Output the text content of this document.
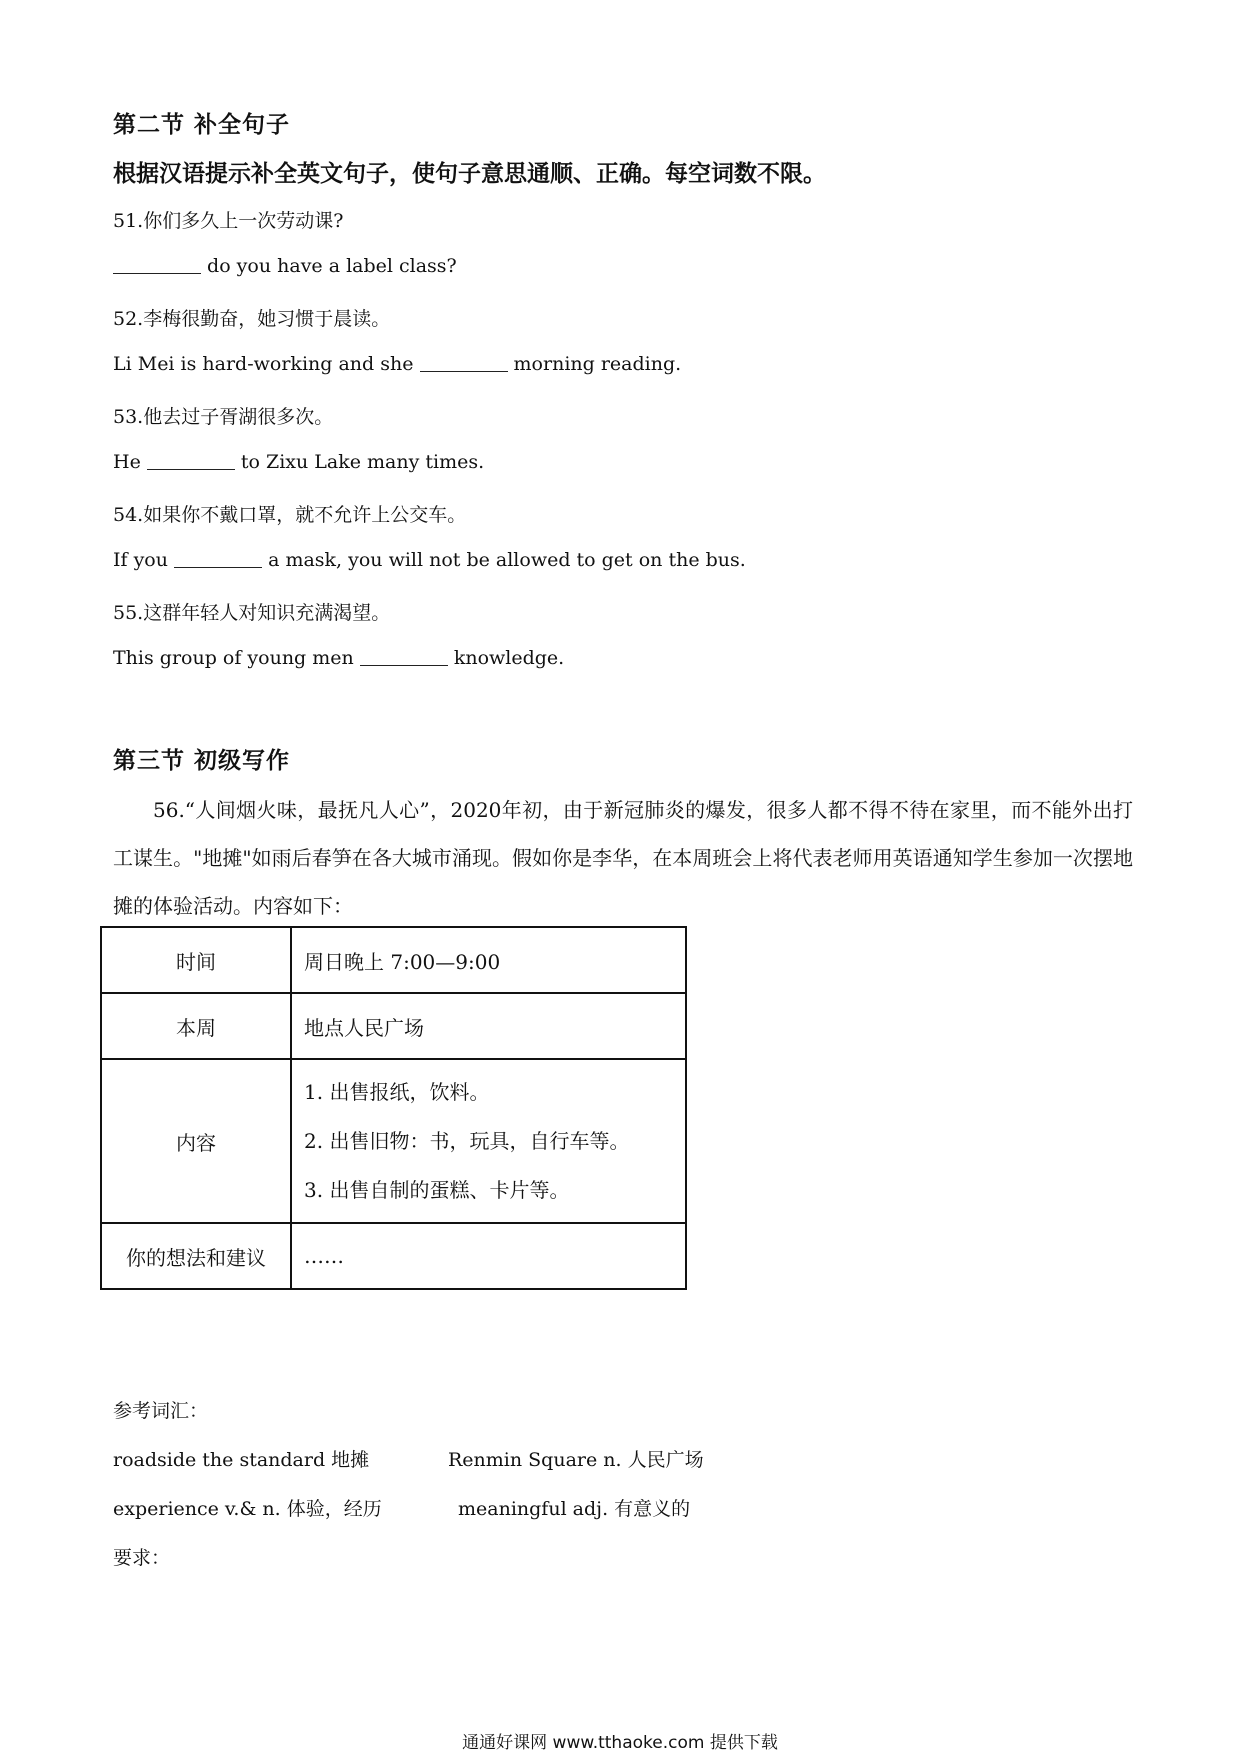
第二节 补全句子
根据汉语提示补全英文句子，使句子意思通顺、正确。每空词数不限。
51.你们多久上一次劳动课?
do you have a label class?
52.李梅很勤奋，她习惯于晨读。
Li Mei is hard-working and she	morning reading.
53.他去过子胥湖很多次。
He	to Zixu Lake many times.
54.如果你不戴口罩，就不允许上公交车。
If you	a mask, you will not be allowed to get on the bus.
55.这群年轻人对知识充满渴望。
This group of young men	knowledge.
第三节 初级写作
56.“人间烟火味，最抚凡人心”，2020年初，由于新冠肺炎的爆发，很多人都不得不待在家里，而不能外出打工谋生。"地摊"如雨后春笋在各大城市涌现。假如你是李华，在本周班会上将代表老师用英语通知学生参加一次摆地摊的体验活动。内容如下：
时间	周日晚上 7:00—9:00
本周	地点人民广场
内容	1. 出售报纸，饮料。
2. 出售旧物：书，玩具，自行车等。
3. 出售自制的蛋糕、卡片等。

你的想法和建议	……
参考词汇：
roadside the standard 地摊	Renmin Square n. 人民广场
experience v.& n. 体验，经历	meaningful adj. 有意义的
要求：
通通好课网 www.tthaoke.com 提供下载
